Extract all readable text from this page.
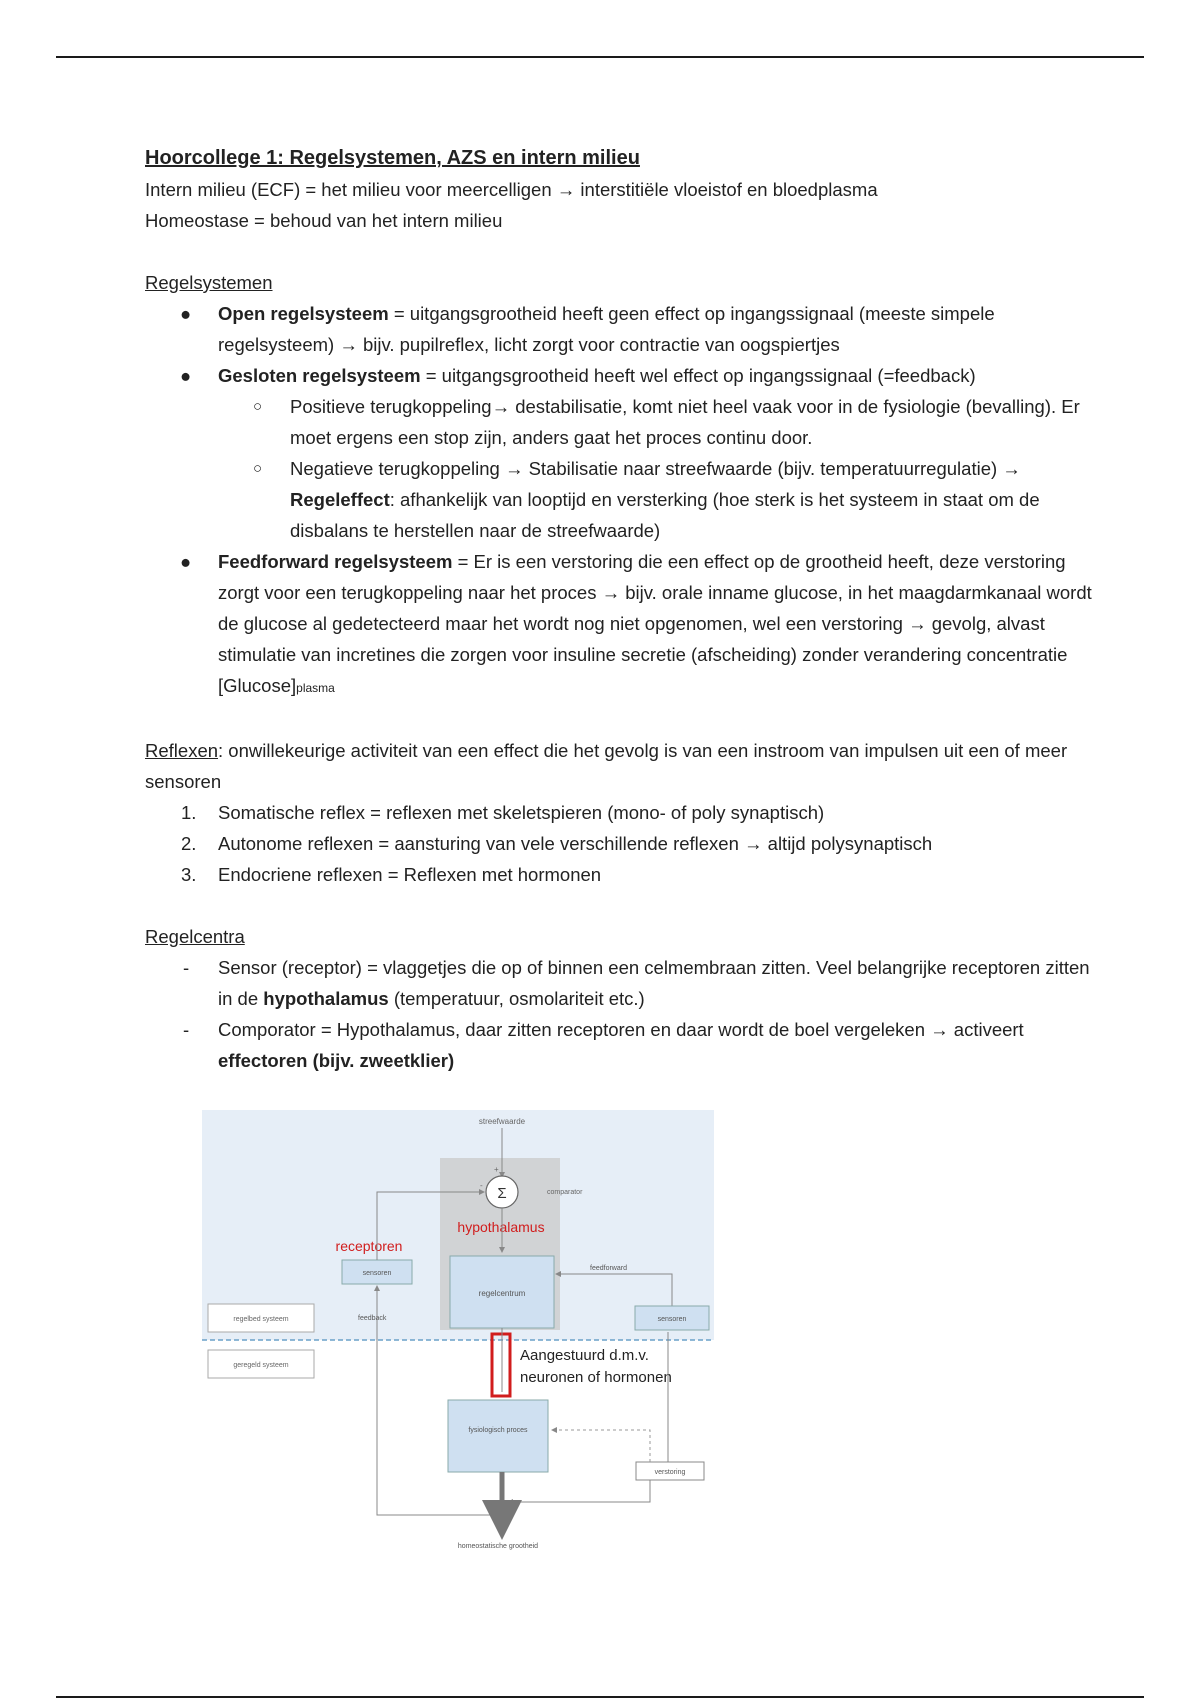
Hoorcollege 1: Regelsystemen, AZS en intern milieu
Intern milieu (ECF) = het milieu voor meercelligen → interstitiële vloeistof en bloedplasma
Homeostase = behoud van het intern milieu
Regelsystemen
● Open regelsysteem = uitgangsgrootheid heeft geen effect op ingangssignaal (meeste simpele regelsysteem) → bijv. pupilreflex, licht zorgt voor contractie van oogspiertjes
● Gesloten regelsysteem = uitgangsgrootheid heeft wel effect op ingangssignaal (=feedback)
○ Positieve terugkoppeling→ destabilisatie, komt niet heel vaak voor in de fysiologie (bevalling). Er moet ergens een stop zijn, anders gaat het proces continu door.
○ Negatieve terugkoppeling → Stabilisatie naar streefwaarde (bijv. temperatuurregulatie) → Regeleffect: afhankelijk van looptijd en versterking (hoe sterk is het systeem in staat om de disbalans te herstellen naar de streefwaarde)
● Feedforward regelsysteem = Er is een verstoring die een effect op de grootheid heeft, deze verstoring zorgt voor een terugkoppeling naar het proces → bijv. orale inname glucose, in het maagdarmkanaal wordt de glucose al gedetecteerd maar het wordt nog niet opgenomen, wel een verstoring → gevolg, alvast stimulatie van incretines die zorgen voor insuline secretie (afscheiding) zonder verandering concentratie [Glucose]plasma
Reflexen: onwillekeurige activiteit van een effect die het gevolg is van een instroom van impulsen uit een of meer sensoren
1. Somatische reflex = reflexen met skeletspieren (mono- of poly synaptisch)
2. Autonome reflexen = aansturing van vele verschillende reflexen → altijd polysynaptisch
3. Endocriene reflexen = Reflexen met hormonen
Regelcentra
- Sensor (receptor) = vlaggetjes die op of binnen een celmembraan zitten. Veel belangrijke receptoren zitten in de hypothalamus (temperatuur, osmolariteit etc.)
- Comporator = Hypothalamus, daar zitten receptoren en daar wordt de boel vergeleken → activeert effectoren (bijv. zweetklier)
streefwaarde
Σ	comparator
+
-
hypothalamus
regelcentrum
receptoren
sensoren
feedback
feedforward
sensoren
regelbed systeem
geregeld systeem
Aangestuurd d.m.v.
neuronen of hormonen
fysiologisch proces
verstoring
homeostatische grootheid
